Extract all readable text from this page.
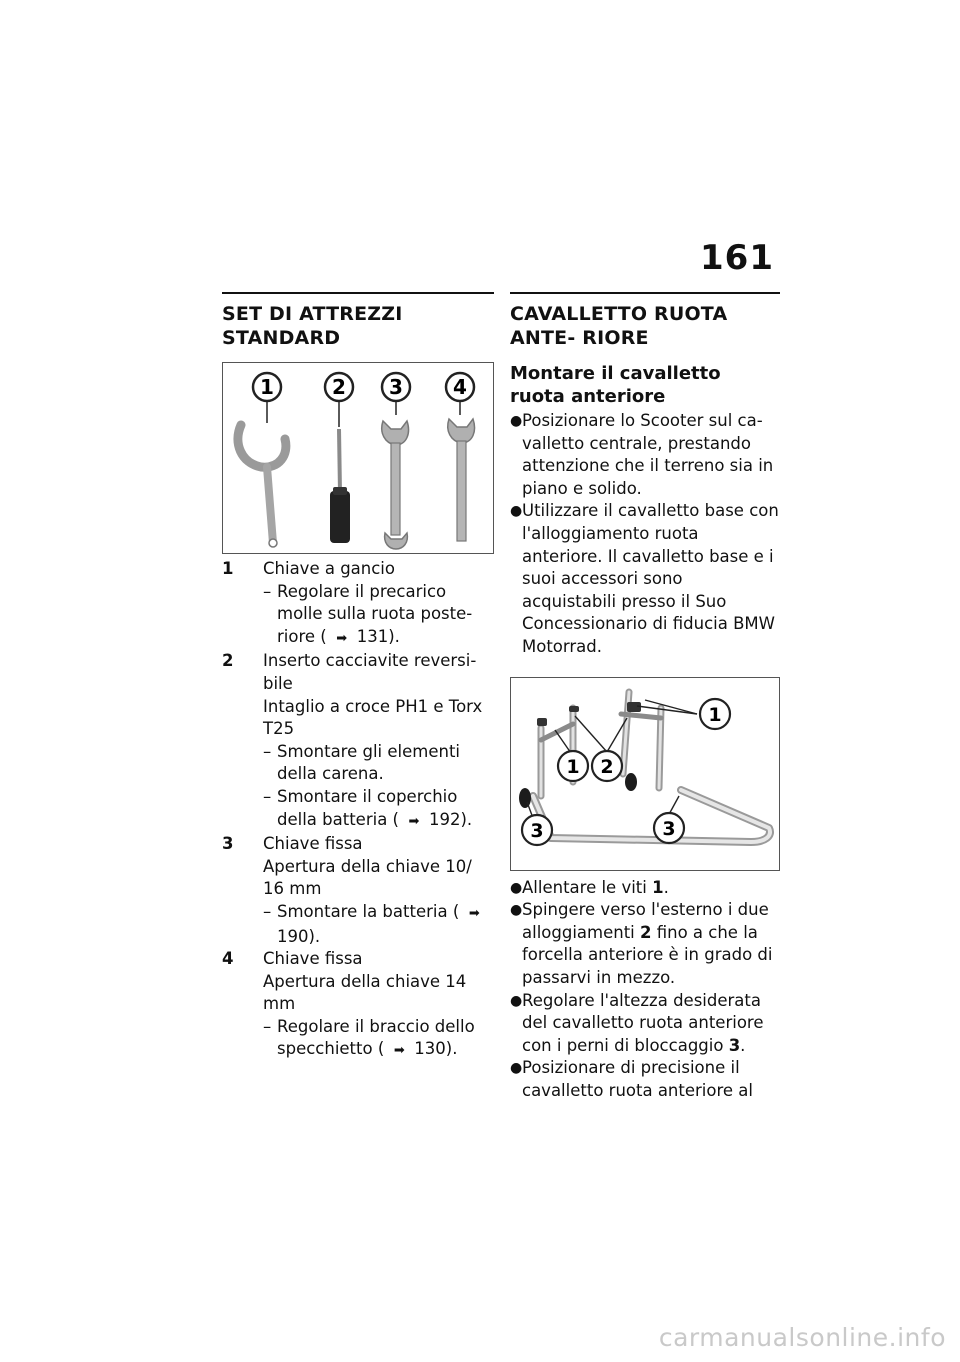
161
SET DI ATTREZZI STANDARD
1	2 3	4
1	Chiave a gancio
– Regolare il precarico molle sulla ruota poste- riore ( ➡ 131).
2	Inserto cacciavite reversi- bile
Intaglio a croce PH1 e Torx T25
– Smontare gli elementi della carena.
– Smontare il coperchio della batteria ( ➡ 192).
3	Chiave fissa
Apertura della chiave 10/ 16 mm
– Smontare la batteria ( ➡190).
4	Chiave fissa
Apertura della chiave 14 mm
– Regolare il braccio dello specchietto ( ➡ 130).
CAVALLETTO RUOTA ANTE- RIORE
Montare il cavalletto ruota anteriore
● Posizionare lo Scooter sul ca- valletto centrale, prestando attenzione che il terreno sia in piano e solido.
● Utilizzare il cavalletto base con l'alloggiamento ruota anteriore. Il cavalletto base e i suoi accessori sono acquistabili presso il Suo Concessionario di fiducia BMW Motorrad.
1
1 2
3	3
● Allentare le viti 1.
● Spingere verso l'esterno i due alloggiamenti 2 fino a che la forcella anteriore è in grado di passarvi in mezzo.
● Regolare l'altezza desiderata del cavalletto ruota anteriore con i perni di bloccaggio 3.
● Posizionare di precisione il cavalletto ruota anteriore al
carmanualsonline.info
